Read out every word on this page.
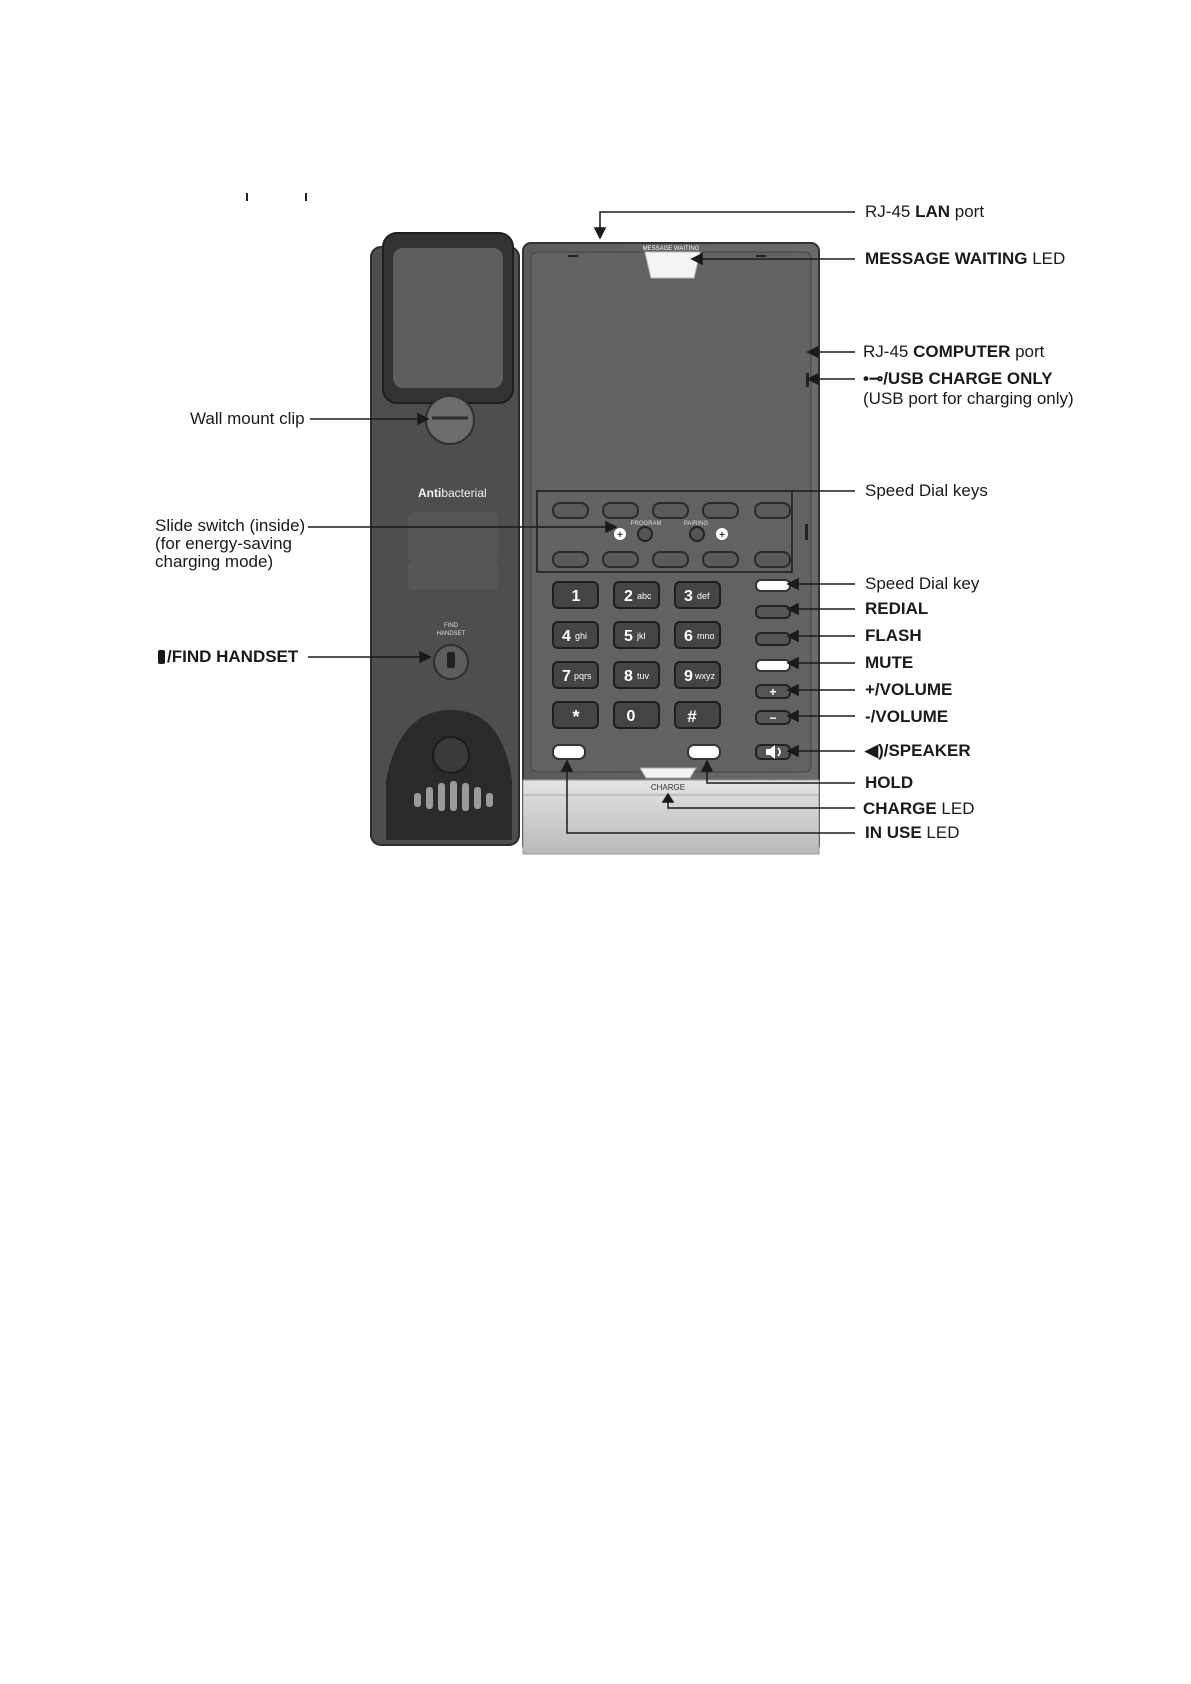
Antibacterial
FIND
HANDSET
MESSAGE WAITING
PROGRAM	PAIRING
+
+
1	2 abc 3 def
4 ghi 5 jkl 6 mno
7 pqrs 8 tuv 9 wxyz
*	0	#
+
−
CHARGE
RJ-45 LAN port
MESSAGE WAITING LED
RJ-45 COMPUTER port
•⊸/USB CHARGE ONLY
(USB port for charging only)
Wall mount clip
Speed Dial keys
Slide switch (inside)
(for energy-saving
charging mode)
Speed Dial key
REDIAL
FLASH
/FIND HANDSET	MUTE
+/VOLUME
-/VOLUME
◀)/SPEAKER
HOLD
CHARGE LED
IN USE LED
